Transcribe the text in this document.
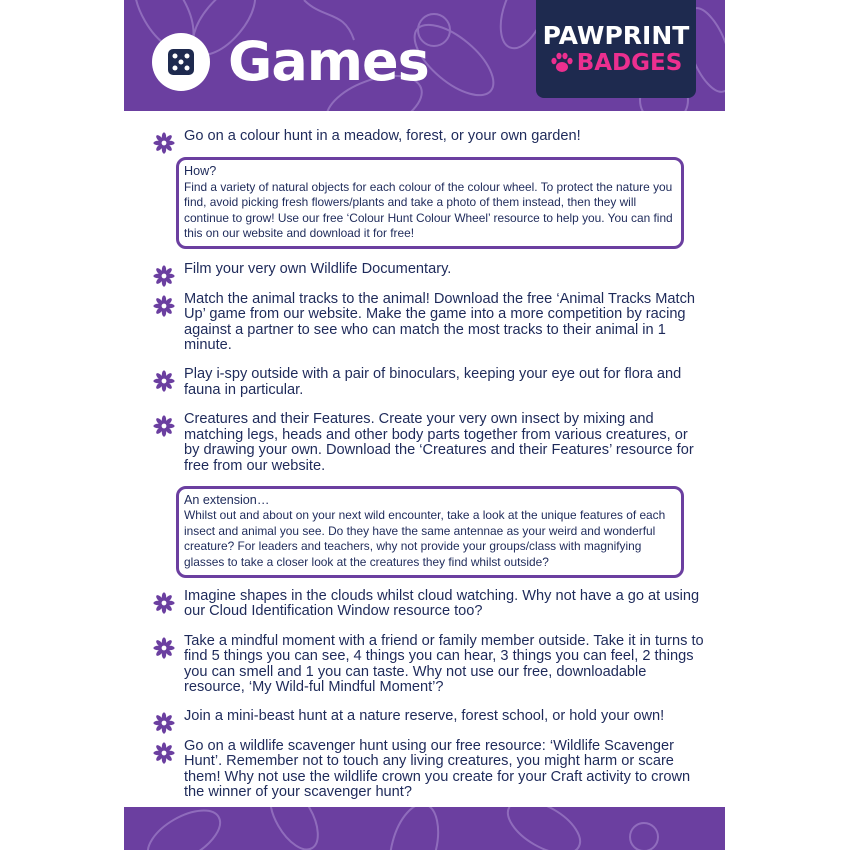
Games	PAWPRINT
BADGES
Go on a colour hunt in a meadow, forest, or your own garden!
How?
Find a variety of natural objects for each colour of the colour wheel. To protect the nature you find, avoid picking fresh flowers/plants and take a photo of them instead, then they will continue to grow! Use our free ‘Colour Hunt Colour Wheel’ resource to help you. You can find this on our website and download it for free!
Film your very own Wildlife Documentary.
Match the animal tracks to the animal! Download the free ‘Animal Tracks Match Up’ game from our website. Make the game into a more competition by racing against a partner to see who can match the most tracks to their animal in 1 minute.
Play i-spy outside with a pair of binoculars, keeping your eye out for flora and fauna in particular.
Creatures and their Features. Create your very own insect by mixing and matching legs, heads and other body parts together from various creatures, or by drawing your own. Download the ‘Creatures and their Features’ resource for free from our website.
An extension…
Whilst out and about on your next wild encounter, take a look at the unique features of each insect and animal you see. Do they have the same antennae as your weird and wonderful creature? For leaders and teachers, why not provide your groups/class with magnifying glasses to take a closer look at the creatures they find whilst outside?
Imagine shapes in the clouds whilst cloud watching. Why not have a go at using our Cloud Identification Window resource too?
Take a mindful moment with a friend or family member outside. Take it in turns to find 5 things you can see, 4 things you can hear, 3 things you can feel, 2 things you can smell and 1 you can taste. Why not use our free, downloadable resource, ‘My Wild-ful Mindful Moment’?
Join a mini-beast hunt at a nature reserve, forest school, or hold your own!
Go on a wildlife scavenger hunt using our free resource: ‘Wildlife Scavenger Hunt’. Remember not to touch any living creatures, you might harm or scare them! Why not use the wildlife crown you create for your Craft activity to crown the winner of your scavenger hunt?
